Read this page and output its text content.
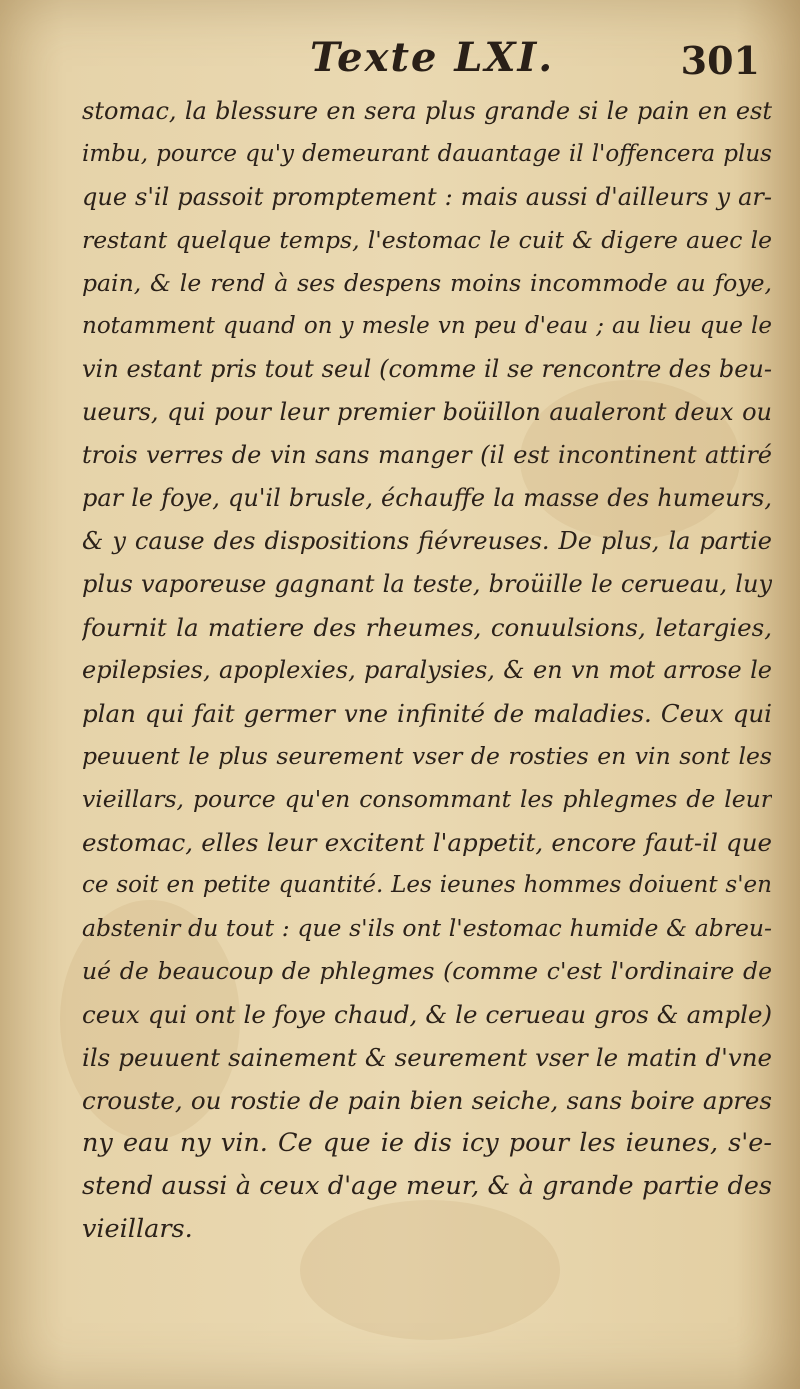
Texte LXI.	301
stomac, la blessure en sera plus grande si le pain en est
imbu, pource qu'y demeurant dauantage il l'offencera plus
que s'il passoit promptement : mais aussi d'ailleurs y ar-
restant quelque temps, l'estomac le cuit & digere auec le
pain, & le rend à ses despens moins incommode au foye,
notamment quand on y mesle vn peu d'eau ; au lieu que le
vin estant pris tout seul (comme il se rencontre des beu-
ueurs, qui pour leur premier boüillon aualeront deux ou
trois verres de vin sans manger (il est incontinent attiré
par le foye, qu'il brusle, échauffe la masse des humeurs,
& y cause des dispositions fiévreuses. De plus, la partie
plus vaporeuse gagnant la teste, broüille le cerueau, luy
fournit la matiere des rheumes, conuulsions, letargies,
epilepsies, apoplexies, paralysies, & en vn mot arrose le
plan qui fait germer vne infinité de maladies. Ceux qui
peuuent le plus seurement vser de rosties en vin sont les
vieillars, pource qu'en consommant les phlegmes de leur
estomac, elles leur excitent l'appetit, encore faut-il que
ce soit en petite quantité. Les ieunes hommes doiuent s'en
abstenir du tout : que s'ils ont l'estomac humide & abreu-
ué de beaucoup de phlegmes (comme c'est l'ordinaire de
ceux qui ont le foye chaud, & le cerueau gros & ample)
ils peuuent sainement & seurement vser le matin d'vne
crouste, ou rostie de pain bien seiche, sans boire apres
ny eau ny vin. Ce que ie dis icy pour les ieunes, s'e-
stend aussi à ceux d'age meur, & à grande partie des
vieillars.
